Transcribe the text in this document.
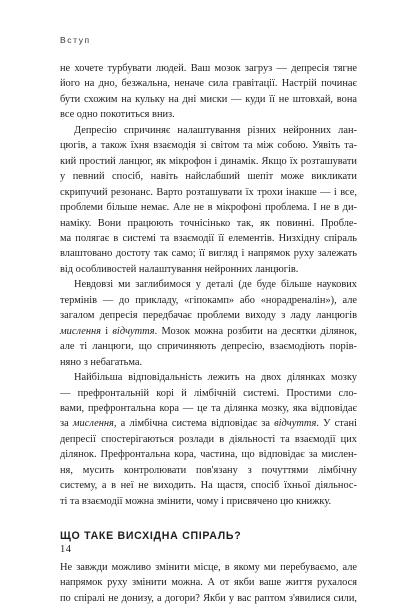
Вступ

не хочете турбувати людей. Ваш мозок загруз — депресія тягне
його на дно, безжальна, неначе сила гравітації. Настрій починає
бути схожим на кульку на дні миски — куди її не штовхай, вона
все одно покотиться вниз.

Депресію спричиняє налаштування різних нейронних лан-
цюгів, а також їхня взаємодія зі світом та між собою. Уявіть та-
кий простий ланцюг, як мікрофон і динамік. Якщо їх розташувати
у певний спосіб, навіть найслабший шепіт може викликати
скрипучий резонанс. Варто розташувати їх трохи інакше — і все,
проблеми більше немає. Але не в мікрофоні проблема. І не в ди-
наміку. Вони працюють точнісінько так, як повинні. Пробле-
ма полягає в системі та взаємодії її елементів. Низхідну спіраль
влаштовано достоту так само; її вигляд і напрямок руху залежать
від особливостей налаштування нейронних ланцюгів.

Невдовзі ми заглибимося у деталі (де буде більше наукових
термінів — до прикладу, «гіпокамп» або «норадреналін»), але
загалом депресія передбачає проблеми виходу з ладу ланцюгів
мислення і відчуття. Мозок можна розбити на десятки ділянок,
але ті ланцюги, що спричиняють депресію, взаємодіють порів-
няно з небагатьма.

Найбільша відповідальність лежить на двох ділянках мозку
— префронтальній корі й лімбічній системі. Простими сло-
вами, префронтальна кора — це та ділянка мозку, яка відповідає
за мислення, а лімбічна система відповідає за відчуття. У стані
депресії спостерігаються розлади в діяльності та взаємодії цих
ділянок. Префронтальна кора, частина, що відповідає за мислен-
ня, мусить контролювати пов'язану з почуттями лімбічну
систему, а в неї не виходить. На щастя, спосіб їхньої діяльнос-
ті та взаємодії можна змінити, чому і присвячено цю книжку.

ЩО ТАКЕ ВИСХІДНА СПІРАЛЬ?

Не завжди можливо змінити місце, в якому ми перебуваємо, але
напрямок руху змінити можна. А от якби ваше життя рухалося
по спіралі не донизу, а догори? Якби у вас раптом з'явилися сили,

14
